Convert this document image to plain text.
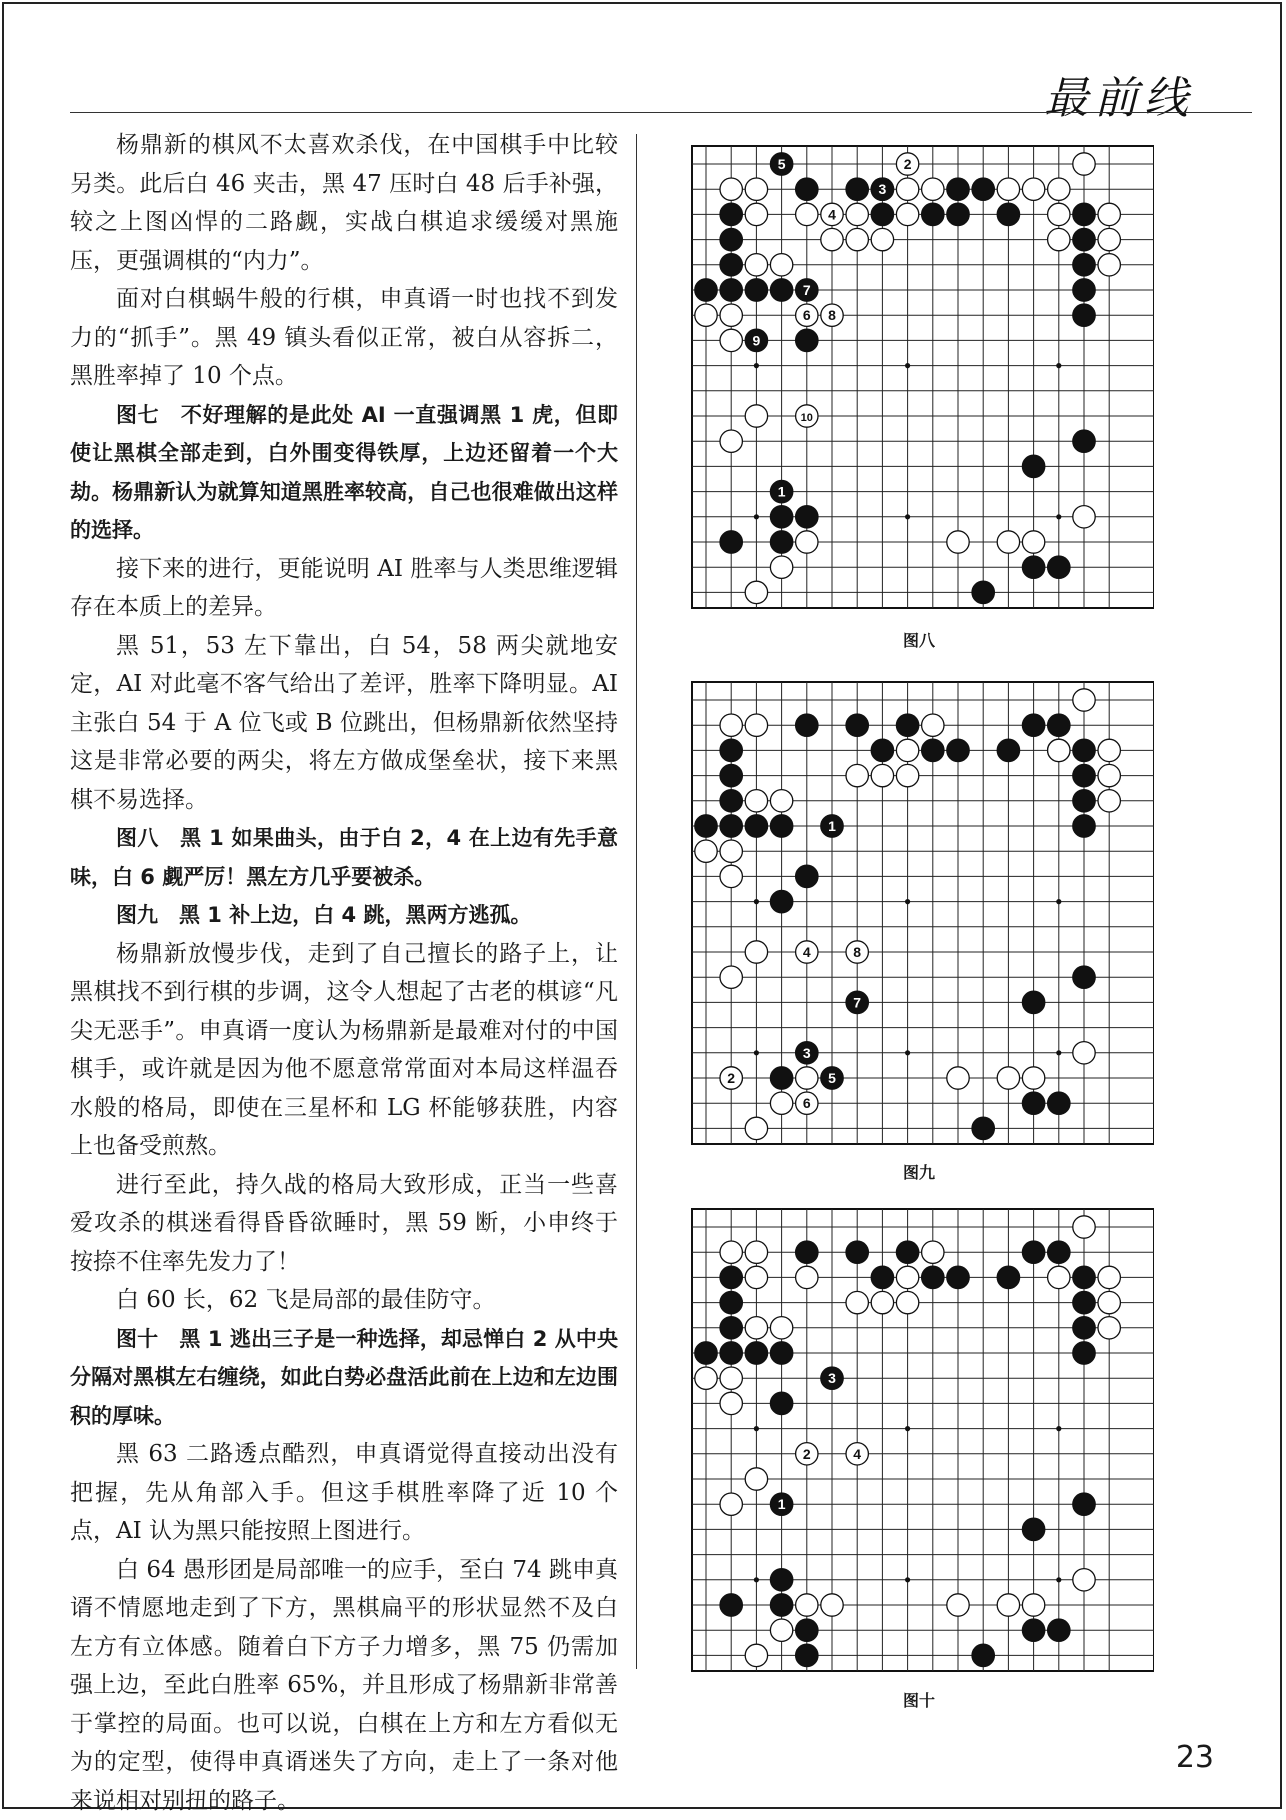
最前线

杨鼎新的棋风不太喜欢杀伐，在中国棋手中比较另类。此后白 46 夹击，黑 47 压时白 48 后手补强，较之上图凶悍的二路觑，实战白棋追求缓缓对黑施压，更强调棋的“内力”。

面对白棋蜗牛般的行棋，申真谞一时也找不到发力的“抓手”。黑 49 镇头看似正常，被白从容拆二，黑胜率掉了 10 个点。

图七　不好理解的是此处 AI 一直强调黑 1 虎，但即使让黑棋全部走到，白外围变得铁厚，上边还留着一个大劫。杨鼎新认为就算知道黑胜率较高，自己也很难做出这样的选择。

接下来的进行，更能说明 AI 胜率与人类思维逻辑存在本质上的差异。

黑 51，53 左下靠出，白 54，58 两尖就地安定，AI 对此毫不客气给出了差评，胜率下降明显。AI 主张白 54 于 A 位飞或 B 位跳出，但杨鼎新依然坚持这是非常必要的两尖，将左方做成堡垒状，接下来黑棋不易选择。

图八　黑 1 如果曲头，由于白 2，4 在上边有先手意味，白 6 觑严厉！黑左方几乎要被杀。

图九　黑 1 补上边，白 4 跳，黑两方逃孤。

杨鼎新放慢步伐，走到了自己擅长的路子上，让黑棋找不到行棋的步调，这令人想起了古老的棋谚“凡尖无恶手”。申真谞一度认为杨鼎新是最难对付的中国棋手，或许就是因为他不愿意常常面对本局这样温吞水般的格局，即使在三星杯和 LG 杯能够获胜，内容上也备受煎熬。

进行至此，持久战的格局大致形成，正当一些喜爱攻杀的棋迷看得昏昏欲睡时，黑 59 断，小申终于按捺不住率先发力了！

白 60 长，62 飞是局部的最佳防守。

图十　黑 1 逃出三子是一种选择，却忌惮白 2 从中央分隔对黑棋左右缠绕，如此白势必盘活此前在上边和左边围积的厚味。

黑 63 二路透点酷烈，申真谞觉得直接动出没有把握，先从角部入手。但这手棋胜率降了近 10 个点，AI 认为黑只能按照上图进行。

白 64 愚形团是局部唯一的应手，至白 74 跳申真谞不情愿地走到了下方，黑棋扁平的形状显然不及白左方有立体感。随着白下方子力增多，黑 75 仍需加强上边，至此白胜率 65%，并且形成了杨鼎新非常善于掌控的局面。也可以说，白棋在上方和左方看似无为的定型，使得申真谞迷失了方向，走上了一条对他来说相对别扭的路子。

5	2
3
4
7
6 8
9
10
1
图八
1
2
3
4
5
6
7
8
图九
1
2
3
4
图十
23
